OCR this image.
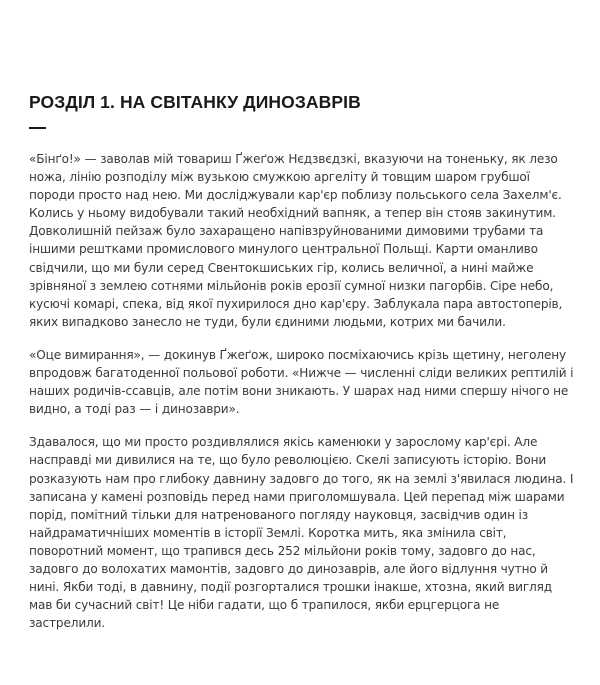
РОЗДІЛ 1. НА СВІТАНКУ ДИНОЗАВРІВ

«Бінґо!» — заволав мій товариш Ґжеґож Нєдзвєдзкі, вказуючи на тоненьку, як лезо ножа, лінію розподілу між вузькою смужкою аргеліту й товщим шаром грубшої породи просто над нею. Ми досліджували кар'єр поблизу польського села Захелм'є. Колись у ньому видобували такий необхідний вапняк, а тепер він стояв закинутим. Довколишній пейзаж було захаращено напівзруйнованими димовими трубами та іншими рештками промислового минулого центральної Польщі. Карти оманливо свідчили, що ми були серед Свентокшиських гір, колись величної, а нині майже зрівняної з землею сотнями мільйонів років ерозії сумної низки пагорбів. Сіре небо, кусючі комарі, спека, від якої пухирилося дно кар'єру. Заблукала пара автостоперів, яких випадково занесло не туди, були єдиними людьми, котрих ми бачили.

«Оце вимирання», — докинув Ґжеґож, широко посміхаючись крізь щетину, неголену впродовж багатоденної польової роботи. «Нижче — численні сліди великих рептилій і наших родичів-ссавців, але потім вони зникають. У шарах над ними спершу нічого не видно, а тоді раз — і динозаври».

Здавалося, що ми просто роздивлялися якісь каменюки у зарослому кар'єрі. Але насправді ми дивилися на те, що було революцією. Скелі записують історію. Вони розказують нам про глибоку давнину задовго до того, як на землі з'явилася людина. І записана у камені розповідь перед нами приголомшувала. Цей перепад між шарами порід, помітний тільки для натренованого погляду науковця, засвідчив один із найдраматичніших моментів в історії Землі. Коротка мить, яка змінила світ, поворотний момент, що трапився десь 252 мільйони років тому, задовго до нас, задовго до волохатих мамонтів, задовго до динозаврів, але його відлуння чутно й нині. Якби тоді, в давнину, події розгорталися трошки інакше, хтозна, який вигляд мав би сучасний світ! Це ніби гадати, що б трапилося, якби ерцгерцога не застрелили.
